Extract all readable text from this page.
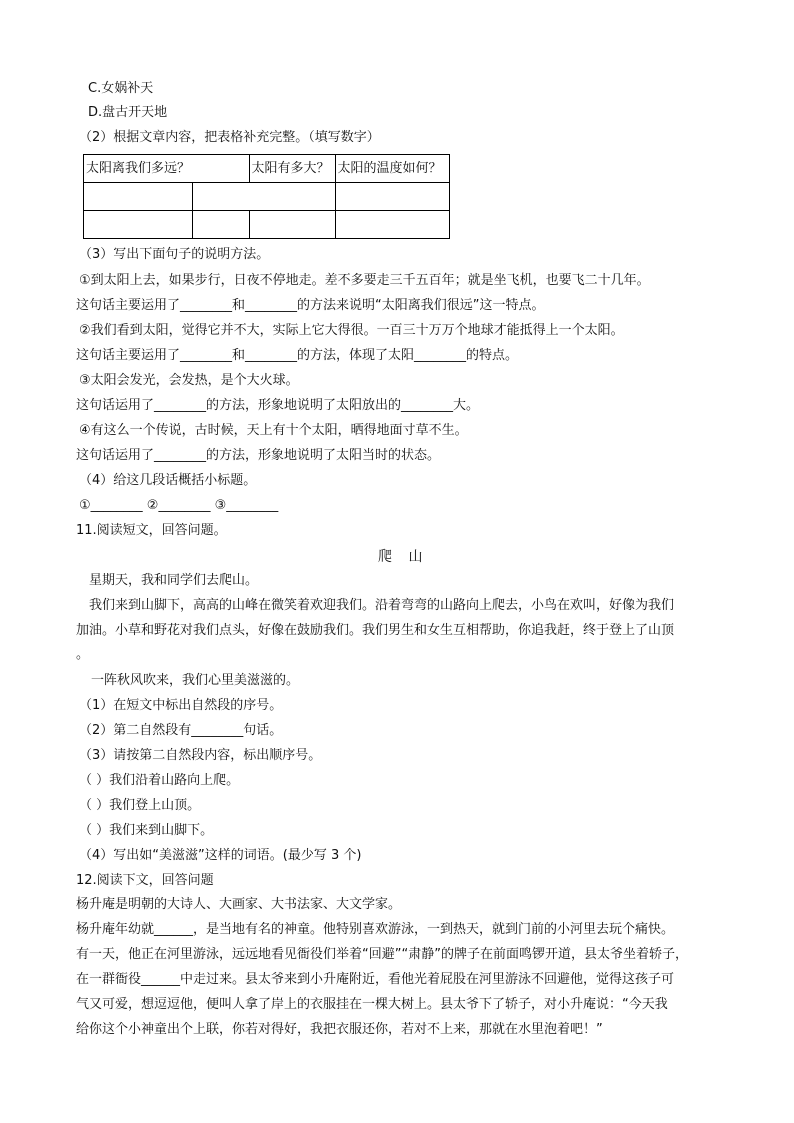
C.女娲补天
D.盘古开天地
（2）根据文章内容，把表格补充完整。（填写数字）
太阳离我们多远？		太阳有多大？	太阳的温度如何？

（3）写出下面句子的说明方法。
①到太阳上去，如果步行，日夜不停地走。差不多要走三千五百年；就是坐飞机，也要飞二十几年。
这句话主要运用了________和________的方法来说明“太阳离我们很远”这一特点。
②我们看到太阳，觉得它并不大，实际上它大得很。一百三十万万个地球才能抵得上一个太阳。
这句话主要运用了________和________的方法，体现了太阳________的特点。
③太阳会发光，会发热，是个大火球。
这句话运用了________的方法，形象地说明了太阳放出的________大。
④有这么一个传说，古时候，天上有十个太阳，晒得地面寸草不生。
这句话运用了________的方法，形象地说明了太阳当时的状态。
（4）给这几段话概括小标题。
①________ ②________ ③________
11.阅读短文，回答问题。
爬 山
星期天，我和同学们去爬山。
我们来到山脚下，高高的山峰在微笑着欢迎我们。沿着弯弯的山路向上爬去，小鸟在欢叫，好像为我们
加油。小草和野花对我们点头，好像在鼓励我们。我们男生和女生互相帮助，你追我赶，终于登上了山顶
。
一阵秋风吹来，我们心里美滋滋的。
（1）在短文中标出自然段的序号。
（2）第二自然段有________句话。
（3）请按第二自然段内容，标出顺序号。
（ ）我们沿着山路向上爬。
（ ）我们登上山顶。
（ ）我们来到山脚下。
（4）写出如“美滋滋”这样的词语。(最少写 3 个)
12.阅读下文，回答问题
杨升庵是明朝的大诗人、大画家、大书法家、大文学家。
杨升庵年幼就______，是当地有名的神童。他特别喜欢游泳，一到热天，就到门前的小河里去玩个痛快。
有一天，他正在河里游泳，远远地看见衙役们举着“回避”“肃静”的牌子在前面鸣锣开道，县太爷坐着轿子，
在一群衙役______中走过来。县太爷来到小升庵附近，看他光着屁股在河里游泳不回避他，觉得这孩子可
气又可爱，想逗逗他，便叫人拿了岸上的衣服挂在一棵大树上。县太爷下了轿子，对小升庵说：“今天我
给你这个小神童出个上联，你若对得好，我把衣服还你，若对不上来，那就在水里泡着吧！”
